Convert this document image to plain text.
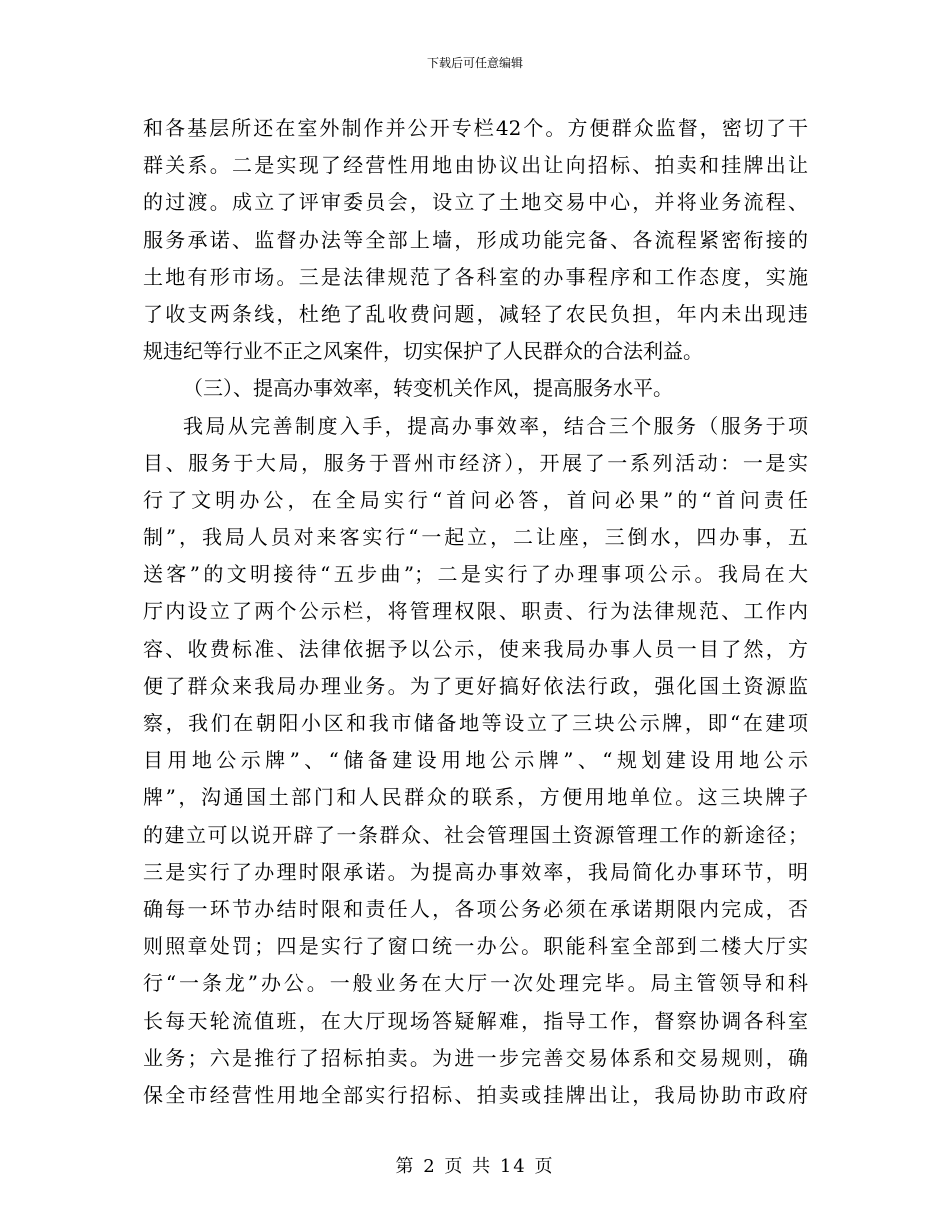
下载后可任意编辑
和各基层所还在室外制作并公开专栏42个。方便群众监督，密切了干
群关系。二是实现了经营性用地由协议出让向招标、拍卖和挂牌出让
的过渡。成立了评审委员会，设立了土地交易中心，并将业务流程、
服务承诺、监督办法等全部上墙，形成功能完备、各流程紧密衔接的
土地有形市场。三是法律规范了各科室的办事程序和工作态度，实施
了收支两条线，杜绝了乱收费问题，减轻了农民负担，年内未出现违
规违纪等行业不正之风案件，切实保护了人民群众的合法利益。
（三）、提高办事效率，转变机关作风，提高服务水平。
我局从完善制度入手，提高办事效率，结合三个服务（服务于项
目、服务于大局，服务于晋州市经济），开展了一系列活动：一是实
行了文明办公，在全局实行“首问必答，首问必果”的“首问责任
制”，我局人员对来客实行“一起立，二让座，三倒水，四办事，五
送客”的文明接待“五步曲”；二是实行了办理事项公示。我局在大
厅内设立了两个公示栏，将管理权限、职责、行为法律规范、工作内
容、收费标准、法律依据予以公示，使来我局办事人员一目了然，方
便了群众来我局办理业务。为了更好搞好依法行政，强化国土资源监
察，我们在朝阳小区和我市储备地等设立了三块公示牌，即“在建项
目用地公示牌”、“储备建设用地公示牌”、“规划建设用地公示
牌”，沟通国土部门和人民群众的联系，方便用地单位。这三块牌子
的建立可以说开辟了一条群众、社会管理国土资源管理工作的新途径；
三是实行了办理时限承诺。为提高办事效率，我局简化办事环节，明
确每一环节办结时限和责任人，各项公务必须在承诺期限内完成，否
则照章处罚；四是实行了窗口统一办公。职能科室全部到二楼大厅实
行“一条龙”办公。一般业务在大厅一次处理完毕。局主管领导和科
长每天轮流值班，在大厅现场答疑解难，指导工作，督察协调各科室
业务；六是推行了招标拍卖。为进一步完善交易体系和交易规则，确
保全市经营性用地全部实行招标、拍卖或挂牌出让，我局协助市政府
第 2 页 共 14 页
